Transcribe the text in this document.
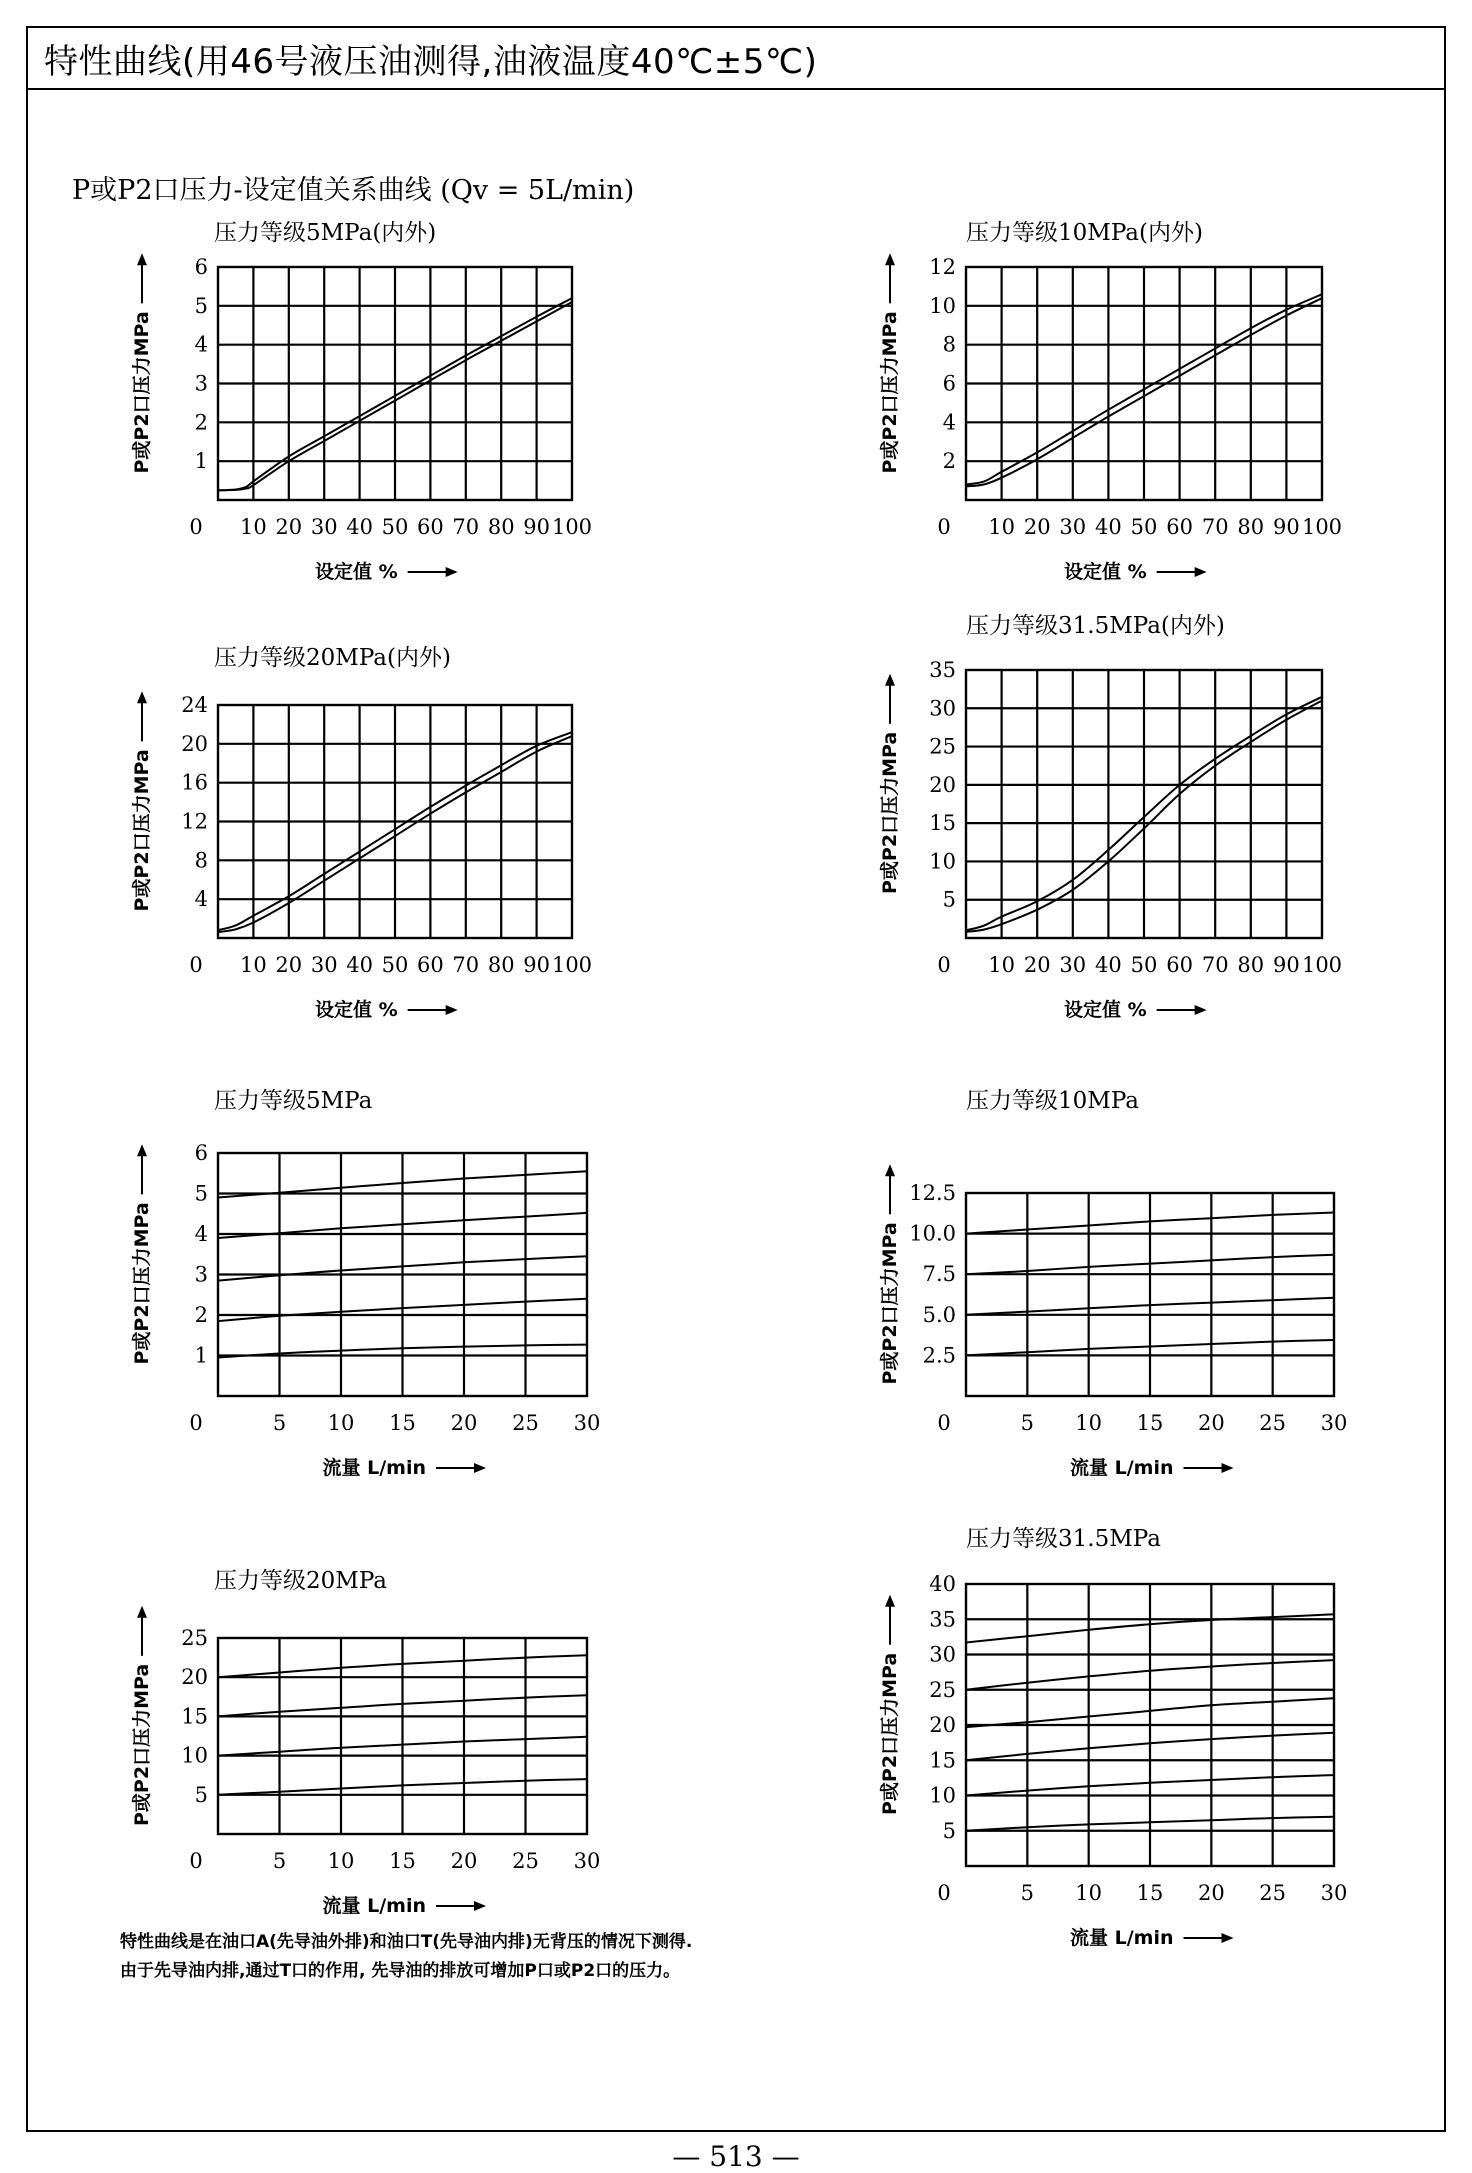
特性曲线(用46号液压油测得,油液温度40℃±5℃)
P或P2口压力-设定值关系曲线 (Qv = 5L/min)
压力等级5MPa(内外)
10 20 30 40 50 60 70 80 90 100
0
1
2
3
4
5
6
设定值 %
P或P2口压力MPa
压力等级10MPa(内外)
10 20 30 40 50 60 70 80 90 100
0
2
4
6
8
10
12
设定值 %
P或P2口压力MPa
压力等级20MPa(内外)
10 20 30 40 50 60 70 80 90 100
0
4
8
12
16
20
24
设定值 %
P或P2口压力MPa
压力等级31.5MPa(内外)
10 20 30 40 50 60 70 80 90 100
0
5
10
15
20
25
30
35
设定值 %
P或P2口压力MPa
压力等级5MPa
5 10 15 20 25 30
0
1
2
3
4
5
6
流量 L/min
P或P2口压力MPa
压力等级10MPa
5 10 15 20 25 30
0
2.5
5.0
7.5
10.0
12.5
流量 L/min
P或P2口压力MPa
压力等级20MPa
5 10 15 20 25 30
0
5
10
15
20
25
流量 L/min
P或P2口压力MPa
压力等级31.5MPa
5 10 15 20 25 30
0
5
10
15
20
25
30
35
40
流量 L/min
P或P2口压力MPa
特性曲线是在油口A(先导油外排)和油口T(先导油内排)无背压的情况下测得.
由于先导油内排,通过T口的作用, 先导油的排放可增加P口或P2口的压力。
— 513 —
